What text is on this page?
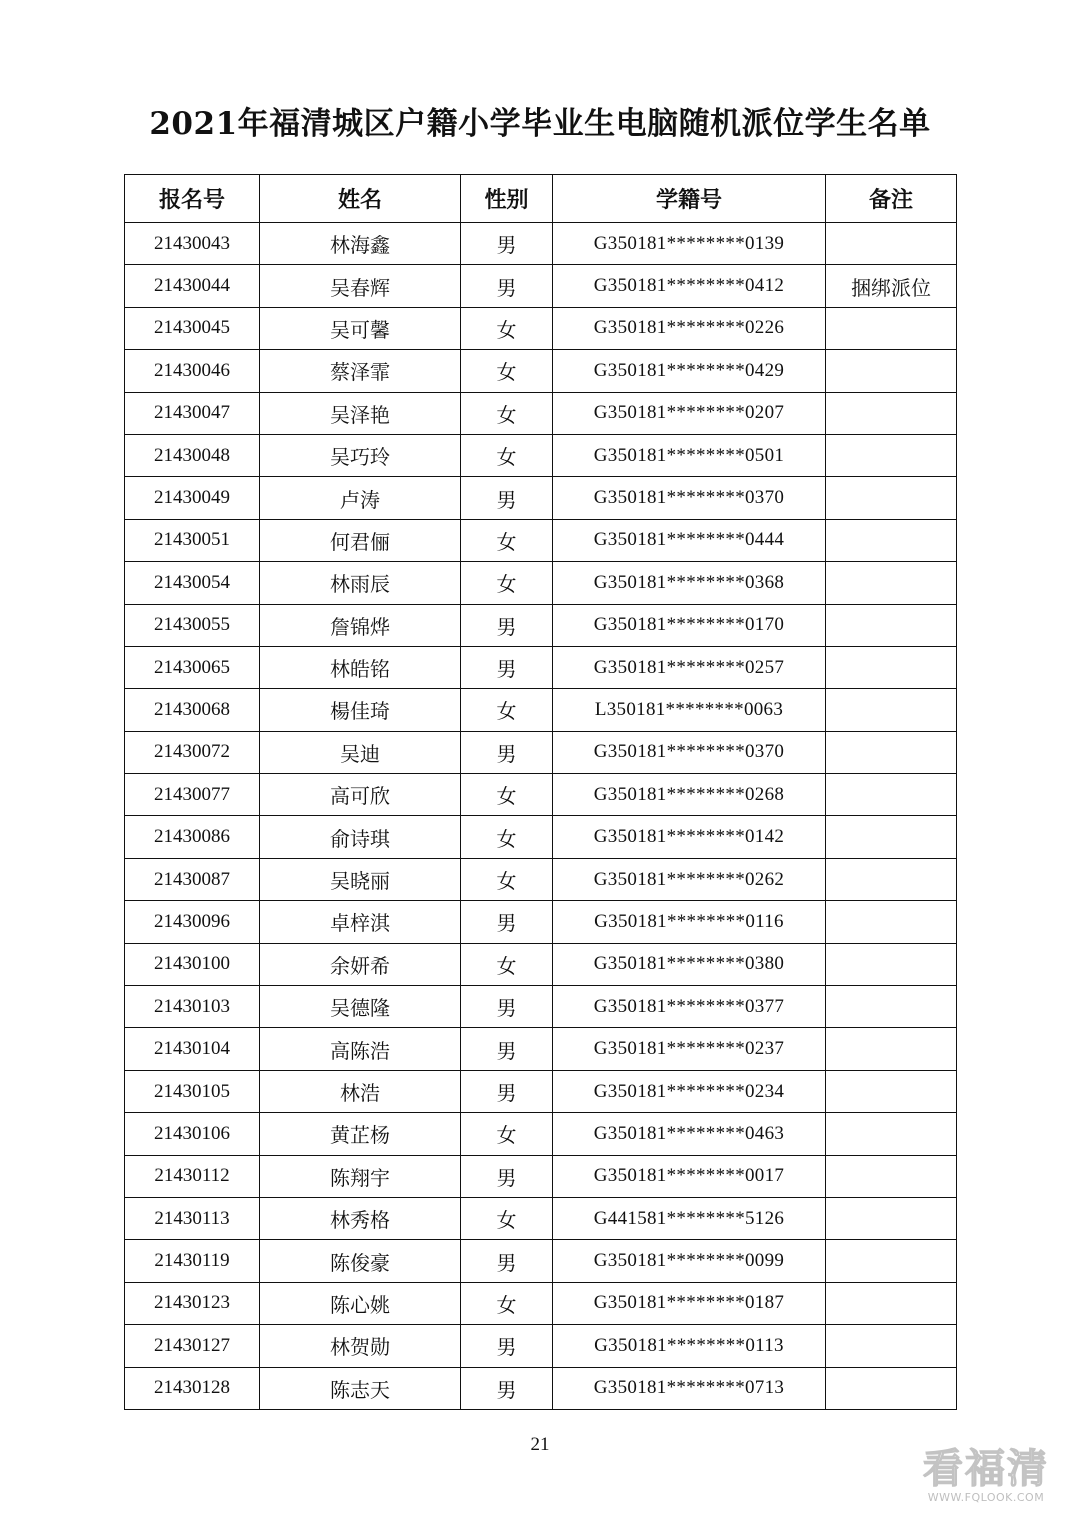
2021年福清城区户籍小学毕业生电脑随机派位学生名单
报名号	姓名	性别	学籍号	备注
21430043	林海鑫	男	G350181********0139	
21430044	吴春辉	男	G350181********0412	捆绑派位
21430045	吴可馨	女	G350181********0226	
21430046	蔡泽霏	女	G350181********0429	
21430047	吴泽艳	女	G350181********0207	
21430048	吴巧玲	女	G350181********0501	
21430049	卢涛	男	G350181********0370	
21430051	何君俪	女	G350181********0444	
21430054	林雨辰	女	G350181********0368	
21430055	詹锦烨	男	G350181********0170	
21430065	林皓铭	男	G350181********0257	
21430068	楊佳琦	女	L350181********0063	
21430072	吴迪	男	G350181********0370	
21430077	高可欣	女	G350181********0268	
21430086	俞诗琪	女	G350181********0142	
21430087	吴晓丽	女	G350181********0262	
21430096	卓梓淇	男	G350181********0116	
21430100	余妍希	女	G350181********0380	
21430103	吴德隆	男	G350181********0377	
21430104	高陈浩	男	G350181********0237	
21430105	林浩	男	G350181********0234	
21430106	黄芷杨	女	G350181********0463	
21430112	陈翔宇	男	G350181********0017	
21430113	林秀格	女	G441581********5126	
21430119	陈俊豪	男	G350181********0099	
21430123	陈心姚	女	G350181********0187	
21430127	林贺勋	男	G350181********0113	
21430128	陈志天	男	G350181********0713	
21
看福清
WWW.FQLOOK.COM
